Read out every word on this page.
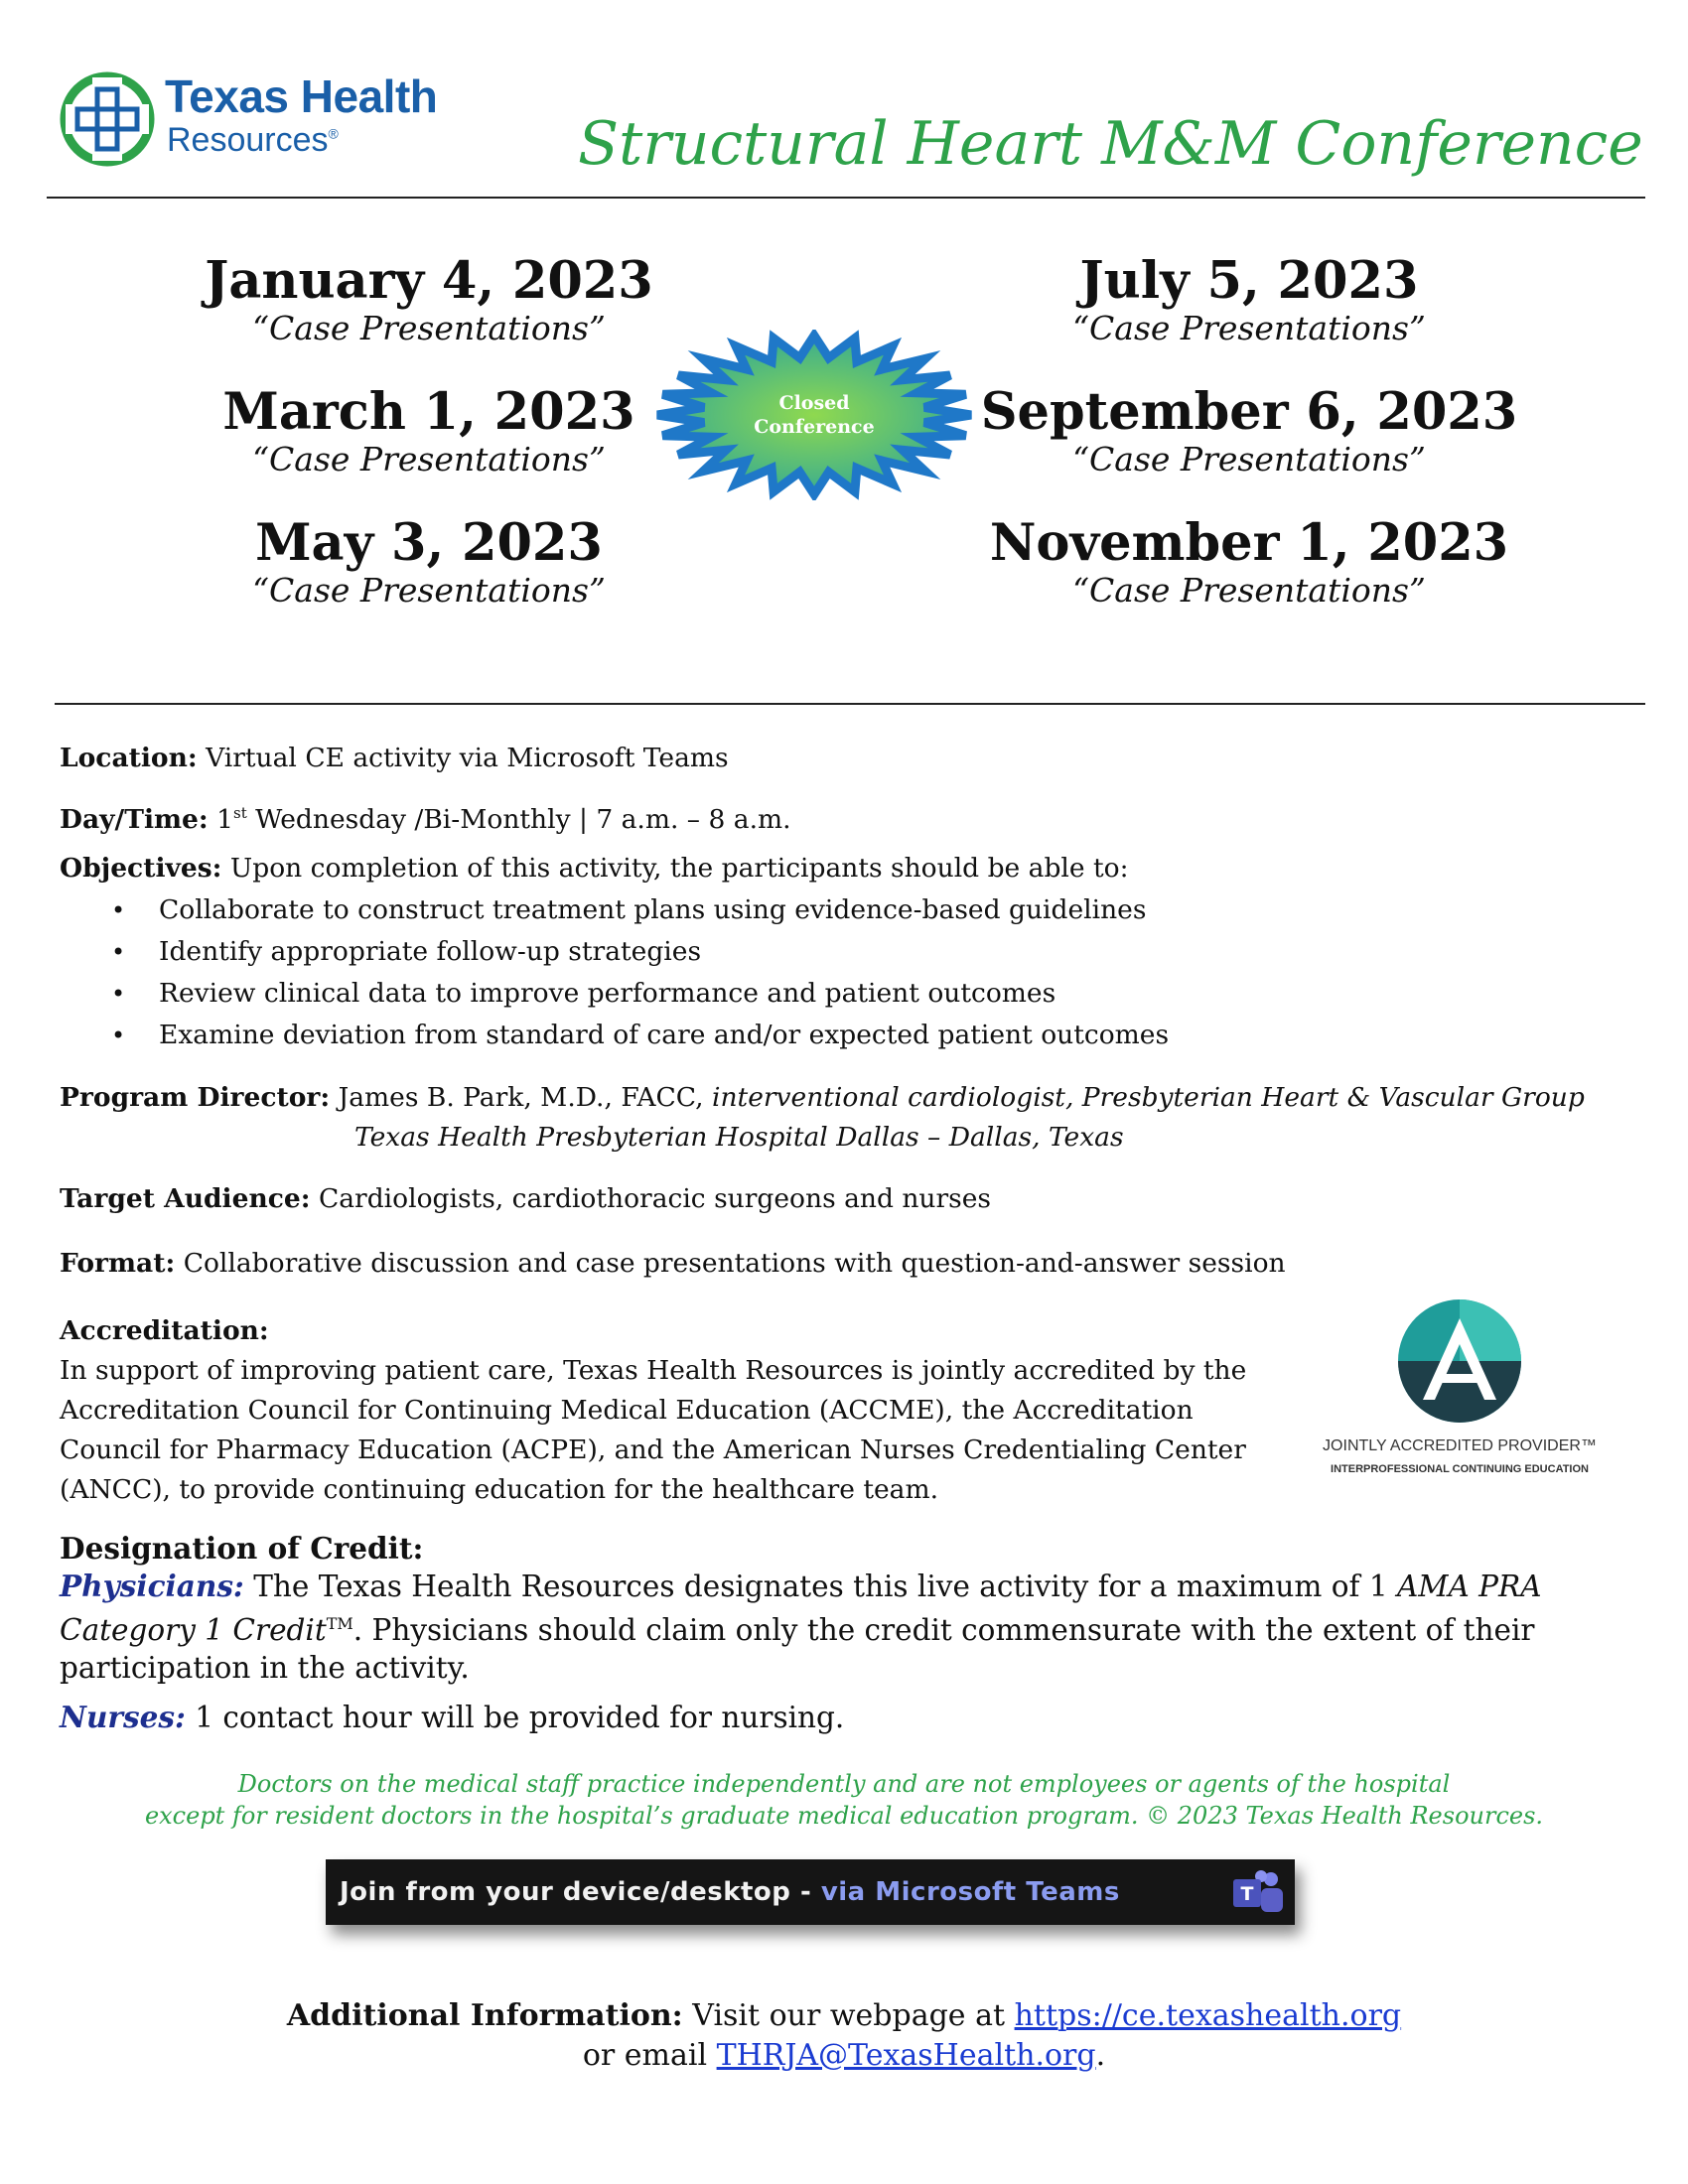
Texas Health
Resources®	Structural Heart M&M Conference
January 4, 2023
“Case Presentations”
March 1, 2023
“Case Presentations”
May 3, 2023
“Case Presentations”
July 5, 2023
“Case Presentations”
September 6, 2023
“Case Presentations”
November 1, 2023
“Case Presentations”
Closed
Conference
Location: Virtual CE activity via Microsoft Teams
Day/Time: 1st Wednesday /Bi-Monthly | 7 a.m. – 8 a.m.
Objectives: Upon completion of this activity, the participants should be able to:
• Collaborate to construct treatment plans using evidence-based guidelines
• Identify appropriate follow-up strategies
• Review clinical data to improve performance and patient outcomes
• Examine deviation from standard of care and/or expected patient outcomes
Program Director: James B. Park, M.D., FACC, interventional cardiologist, Presbyterian Heart & Vascular Group
Texas Health Presbyterian Hospital Dallas – Dallas, Texas
Target Audience: Cardiologists, cardiothoracic surgeons and nurses
Format: Collaborative discussion and case presentations with question-and-answer session
Accreditation:
In support of improving patient care, Texas Health Resources is jointly accredited by the
Accreditation Council for Continuing Medical Education (ACCME), the Accreditation
Council for Pharmacy Education (ACPE), and the American Nurses Credentialing Center
(ANCC), to provide continuing education for the healthcare team.
JOINTLY ACCREDITED PROVIDER™
INTERPROFESSIONAL CONTINUING EDUCATION
Designation of Credit:
Physicians: The Texas Health Resources designates this live activity for a maximum of 1 AMA PRA
Category 1 Credit™. Physicians should claim only the credit commensurate with the extent of their
participation in the activity.
Nurses: 1 contact hour will be provided for nursing.
Doctors on the medical staff practice independently and are not employees or agents of the hospital
except for resident doctors in the hospital’s graduate medical education program. © 2023 Texas Health Resources.
Join from your device/desktop - via Microsoft Teams	T
Additional Information: Visit our webpage at https://ce.texashealth.org
or email THRJA@TexasHealth.org.
